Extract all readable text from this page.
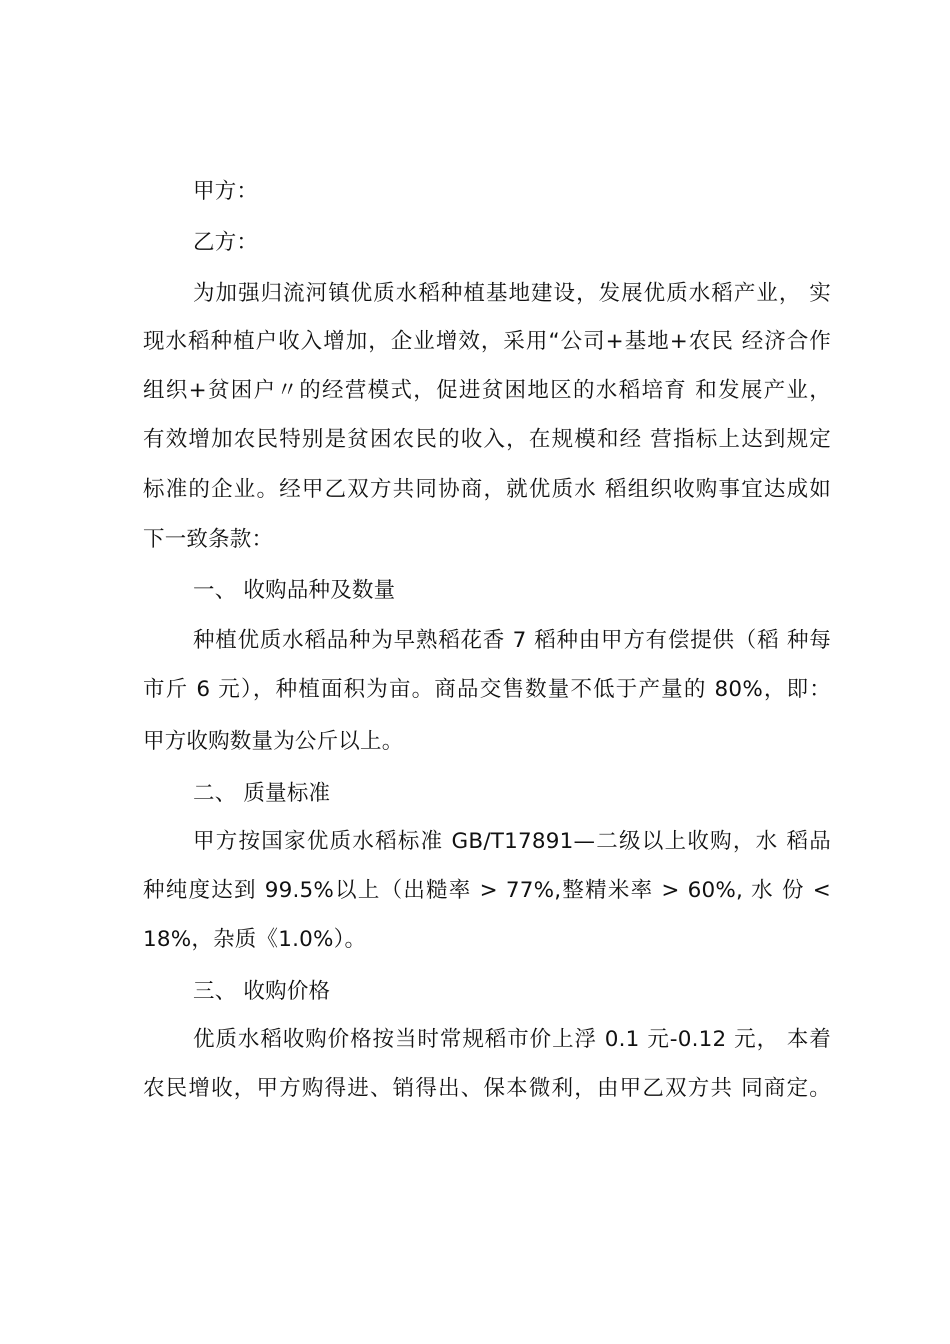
甲方：
乙方：
为加强归流河镇优质水稻种植基地建设，发展优质水稻产业， 实
现水稻种植户收入增加，企业增效，采用“公司+基地+农民 经济合作
组织+贫困户〃的经营模式，促进贫困地区的水稻培育 和发展产业，
有效增加农民特别是贫困农民的收入，在规模和经 营指标上达到规定
标准的企业。经甲乙双方共同协商，就优质水 稻组织收购事宜达成如
下一致条款：
一、 收购品种及数量
种植优质水稻品种为早熟稻花香 7 稻种由甲方有偿提供（稻 种每
市斤 6 元），种植面积为亩。商品交售数量不低于产量的 80%，即：
甲方收购数量为公斤以上。
二、 质量标准
甲方按国家优质水稻标准 GB/T17891—二级以上收购，水 稻品
种纯度达到 99.5%以上（出糙率 > 77%,整精米率 > 60%, 水 份 <
18%，杂质《1.0%）。
三、 收购价格
优质水稻收购价格按当时常规稻市价上浮 0.1 元-0.12 元， 本着
农民增收，甲方购得进、销得出、保本微利，由甲乙双方共 同商定。
